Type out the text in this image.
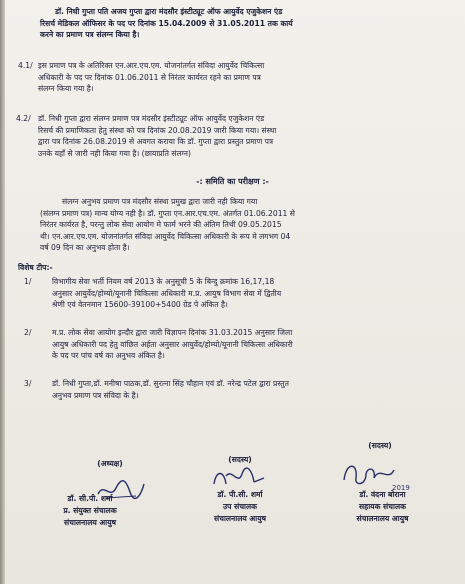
डॉ. निधी गुप्ता पति अजय गुप्ता द्वारा मंदसौर इंस्टीट्यूट ऑफ आयुर्वेद एजुकेशन एंड

रिसर्च मेडिकल ऑफिसर के पद पर दिनांक 15.04.2009 से 31.05.2011 तक कार्य

करने का प्रमाण पत्र संलग्न किया है।

4.1/ इस प्रमाण पत्र के अतिरिक्त एन.आर.एच.एम. योजनांतर्गत संविदा आयुर्वेद चिकित्सा

अधिकारी के पद पर दिनांक 01.06.2011 से निरंतर कार्यरत रहने का प्रमाण पत्र

संलग्न किया गया है।

4.2/ डॉ. निधी गुप्ता द्वारा संलग्न प्रमाण पत्र मंदसौर इंस्टीट्यूट ऑफ आयुर्वेद एजुकेशन एंड

रिसर्च की प्रमाणिकता हेतु संस्था को पत्र दिनांक 20.08.2019 जारी किया गया। संस्था

द्वारा पत्र दिनांक 26.08.2019 से अवगत कराया कि डॉ. गुप्ता द्वारा प्रस्तुत प्रमाण पत्र

उनके यहाँ से जारी नही किया गया है। (छायाप्रति संलग्न)

-: समिति का परीक्षण :-

संलग्न अनुभव प्रमाण पत्र मंदसौर संस्था प्रमुख द्वारा जारी नही किया गया

(संलग्न प्रमाण पत्र) मान्य योग्य नही है। डॉ. गुप्ता एन.आर.एच.एम. अंतर्गत 01.06.2011 से

निरंतर कार्यरत है, परन्तु लोक सेवा आयोग मे फार्म भरने की अंतिम तिथी 09.05.2015

थी। एन.आर.एच.एम. योजनांतर्गत संविदा आयुर्वेद चिकित्सा अधिकारी के रूप मे लगभग 04

वर्ष 09 दिन का अनुभव होता है।

विशेष टीप:-
1/	विभागीय सेवा भर्ती नियम वर्ष 2013 के अनुसूची 5 के बिन्दु क्रमांक 16,17,18

अनुसार आयुर्वेद/होम्यो/यूनानी चिकित्सा अधिकारी म.प्र. आयुष विभाग सेवा में द्वितीय

श्रेणी एवं वेतनमान 15600-39100+5400 ग्रेड पे अंकित है।

2/	म.प्र. लोक सेवा आयोग इन्दौर द्वारा जारी विज्ञापन दिनांक 31.03.2015 अनुसार जिला

आयुष अधिकारी पद हेतु वांछित अर्हता अनुसार आयुर्वेद/होम्यो/यूनानी चिकित्सा अधिकारी

के पद पर पांच वर्ष का अनुभव अंकित है।

3/	डॉ. निधी गुप्ता,डॉ. मनीषा पाठक,डॉ. सुरत्ना सिंह चौहान एवं डॉ. नरेन्द्र पटेल द्वारा प्रस्तुत

अनुभव प्रमाण पत्र संविदा के है।

(अध्यक्ष)	(सदस्य)
(सदस्य)
2019
डॉ. सी.पी. शर्मा
प्र. संयुक्त संचालक
संचालनालय आयुष
डॉ. पी.सी. शर्मा
उप संचालक
संचालनालय आयुष
डॉ. वंदना बोराना
सहायक संचालक
संचालनालय आयुष
